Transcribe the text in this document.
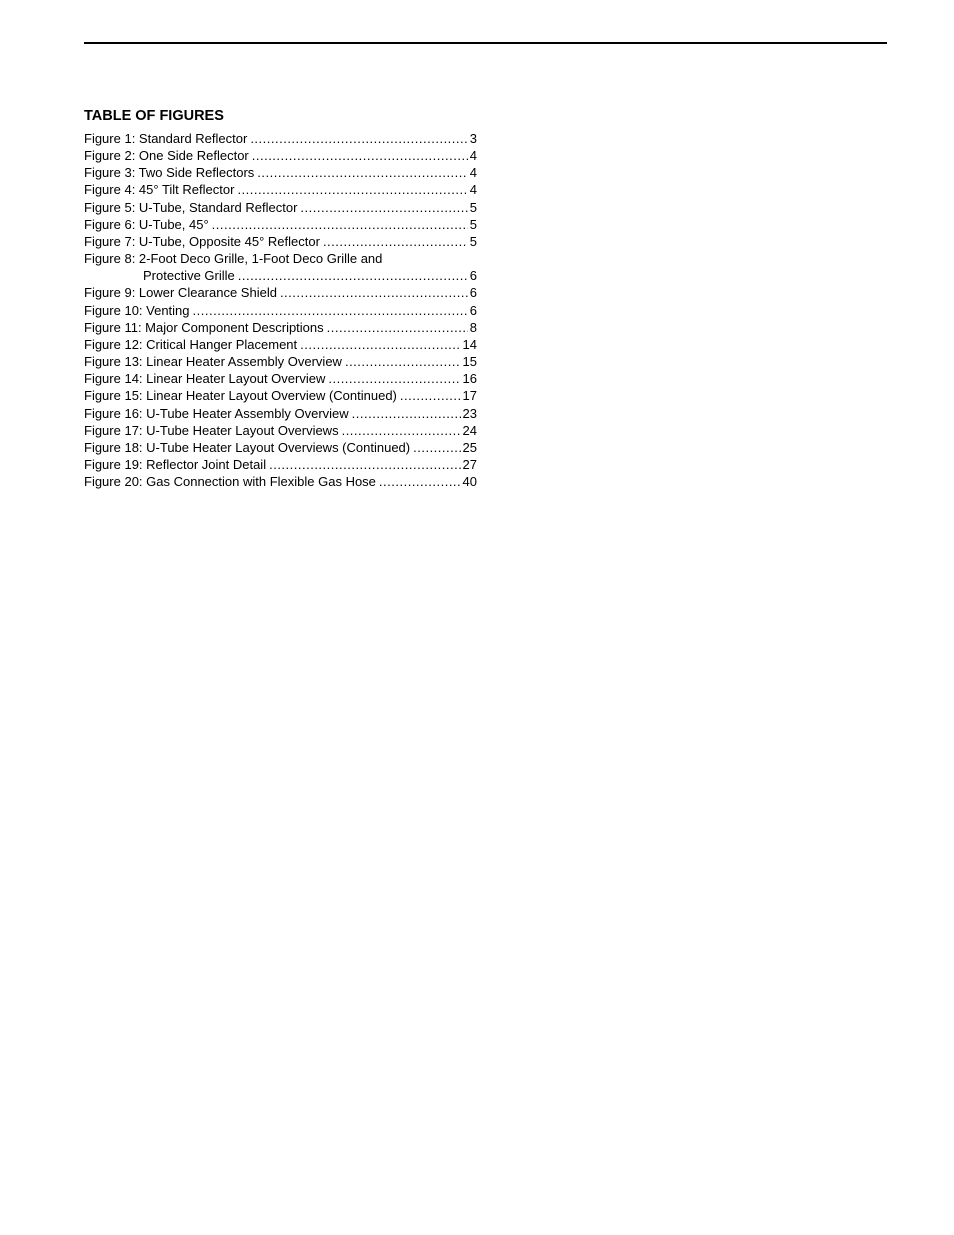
TABLE OF FIGURES
Figure 1: Standard Reflector .....	3
Figure 2: One Side Reflector .....	4
Figure 3: Two Side Reflectors .....	4
Figure 4: 45° Tilt Reflector .....	4
Figure 5: U-Tube, Standard Reflector .....	5
Figure 6: U-Tube, 45° .....	5
Figure 7: U-Tube, Opposite 45° Reflector .....	5
Figure 8: 2-Foot Deco Grille, 1-Foot Deco Grille and
Protective Grille .....	6
Figure 9: Lower Clearance Shield .....	6
Figure 10: Venting .....	6
Figure 11: Major Component Descriptions .....	8
Figure 12: Critical Hanger Placement .....	14
Figure 13: Linear Heater Assembly Overview .....	15
Figure 14: Linear Heater Layout Overview .....	16
Figure 15: Linear Heater Layout Overview (Continued) .....	17
Figure 16: U-Tube Heater Assembly Overview .....	23
Figure 17: U-Tube Heater Layout Overviews .....	24
Figure 18: U-Tube Heater Layout Overviews (Continued) .....	25
Figure 19: Reflector Joint Detail .....	27
Figure 20: Gas Connection with Flexible Gas Hose .....	40
